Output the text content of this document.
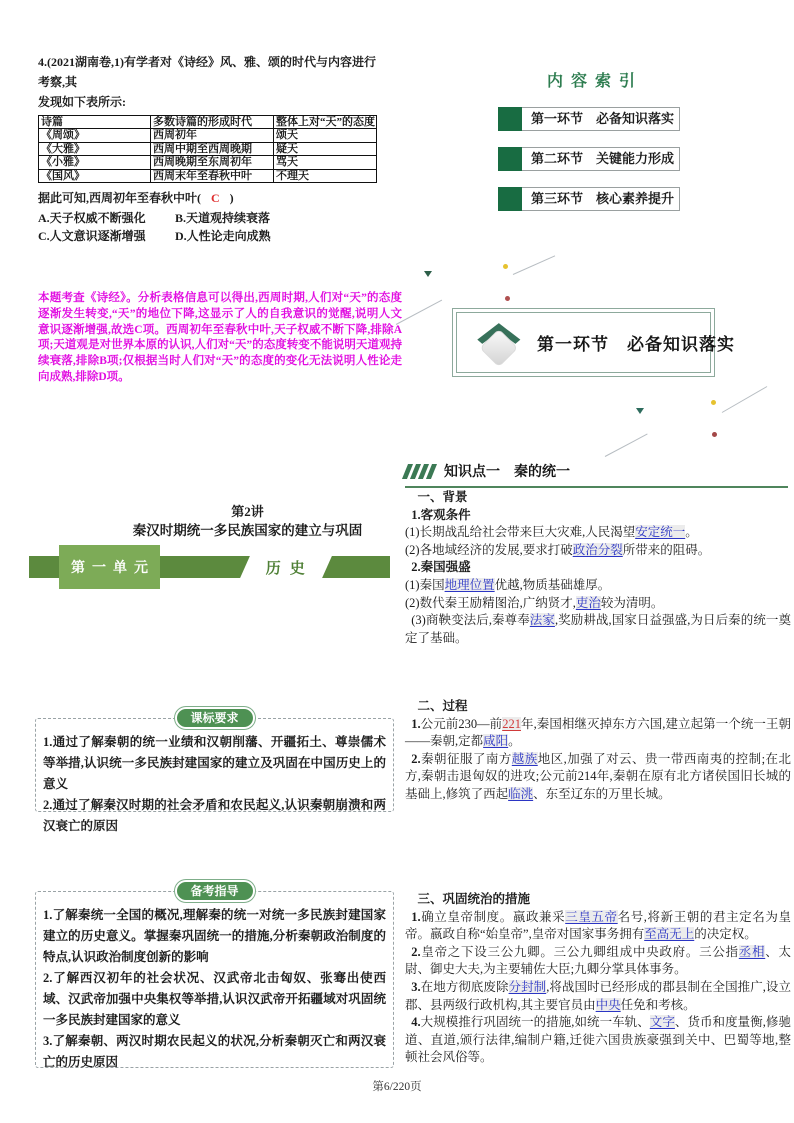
4.(2021湖南卷,1)有学者对《诗经》风、雅、颂的时代与内容进行考察,其
发现如下表所示:
诗篇	多数诗篇的形成时代	整体上对“天”的态度
《周颂》	西周初年	颂天
《大雅》	西周中期至西周晚期	疑天
《小雅》	西周晚期至东周初年	骂天
《国风》	西周末年至春秋中叶	不理天
据此可知,西周初年至春秋中叶( C )
A.天子权威不断强化	B.天道观持续衰落
C.人文意识逐渐增强	D.人性论走向成熟
本题考查《诗经》。分析表格信息可以得出,西周时期,人们对“天”的态度逐渐发生转变,“天”的地位下降,这显示了人的自我意识的觉醒,说明人文意识逐渐增强,故选C项。西周初年至春秋中叶,天子权威不断下降,排除A项;天道观是对世界本原的认识,人们对“天”的态度转变不能说明天道观持续衰落,排除B项;仅根据当时人们对“天”的态度的变化无法说明人性论走向成熟,排除D项。
内容索引
第一环节　必备知识落实
第二环节　关键能力形成
第三环节　核心素养提升
第一环节　必备知识落实
知识点一　秦的统一

一、背景

1.客观条件

(1)长期战乱给社会带来巨大灾难,人民渴望安定统一。

(2)各地域经济的发展,要求打破政治分裂所带来的阻碍。

2.秦国强盛

(1)秦国地理位置优越,物质基础雄厚。

(2)数代秦王励精图治,广纳贤才,吏治较为清明。

(3)商鞅变法后,秦尊奉法家,奖励耕战,国家日益强盛,为日后秦的统一奠定了基础。

二、过程

1.公元前230—前221年,秦国相继灭掉东方六国,建立起第一个统一王朝——秦朝,定都咸阳。

2.秦朝征服了南方越族地区,加强了对云、贵一带西南夷的控制;在北方,秦朝击退匈奴的进攻;公元前214年,秦朝在原有北方诸侯国旧长城的基础上,修筑了西起临洮、东至辽东的万里长城。

三、巩固统治的措施

1.确立皇帝制度。嬴政兼采三皇五帝名号,将新王朝的君主定名为皇帝。嬴政自称“始皇帝”,皇帝对国家事务拥有至高无上的决定权。

2.皇帝之下设三公九卿。三公九卿组成中央政府。三公指丞相、太尉、御史大夫,为主要辅佐大臣;九卿分掌具体事务。

3.在地方彻底废除分封制,将战国时已经形成的郡县制在全国推广,设立郡、县两级行政机构,其主要官员由中央任免和考核。

4.大规模推行巩固统一的措施,如统一车轨、文字、货币和度量衡,修驰道、直道,颁行法律,编制户籍,迁徙六国贵族豪强到关中、巴蜀等地,整顿社会风俗等。

第2讲
秦汉时期统一多民族国家的建立与巩固
第一单元	历史
课标要求

1.通过了解秦朝的统一业绩和汉朝削藩、开疆拓土、尊崇儒术等举措,认识统一多民族封建国家的建立及巩固在中国历史上的意义

2.通过了解秦汉时期的社会矛盾和农民起义,认识秦朝崩溃和两汉衰亡的原因

备考指导

1.了解秦统一全国的概况,理解秦的统一对统一多民族封建国家建立的历史意义。掌握秦巩固统一的措施,分析秦朝政治制度的特点,认识政治制度创新的影响

2.了解西汉初年的社会状况、汉武帝北击匈奴、张骞出使西域、汉武帝加强中央集权等举措,认识汉武帝开拓疆域对巩固统一多民族封建国家的意义

3.了解秦朝、两汉时期农民起义的状况,分析秦朝灭亡和两汉衰亡的历史原因

第6/220页
